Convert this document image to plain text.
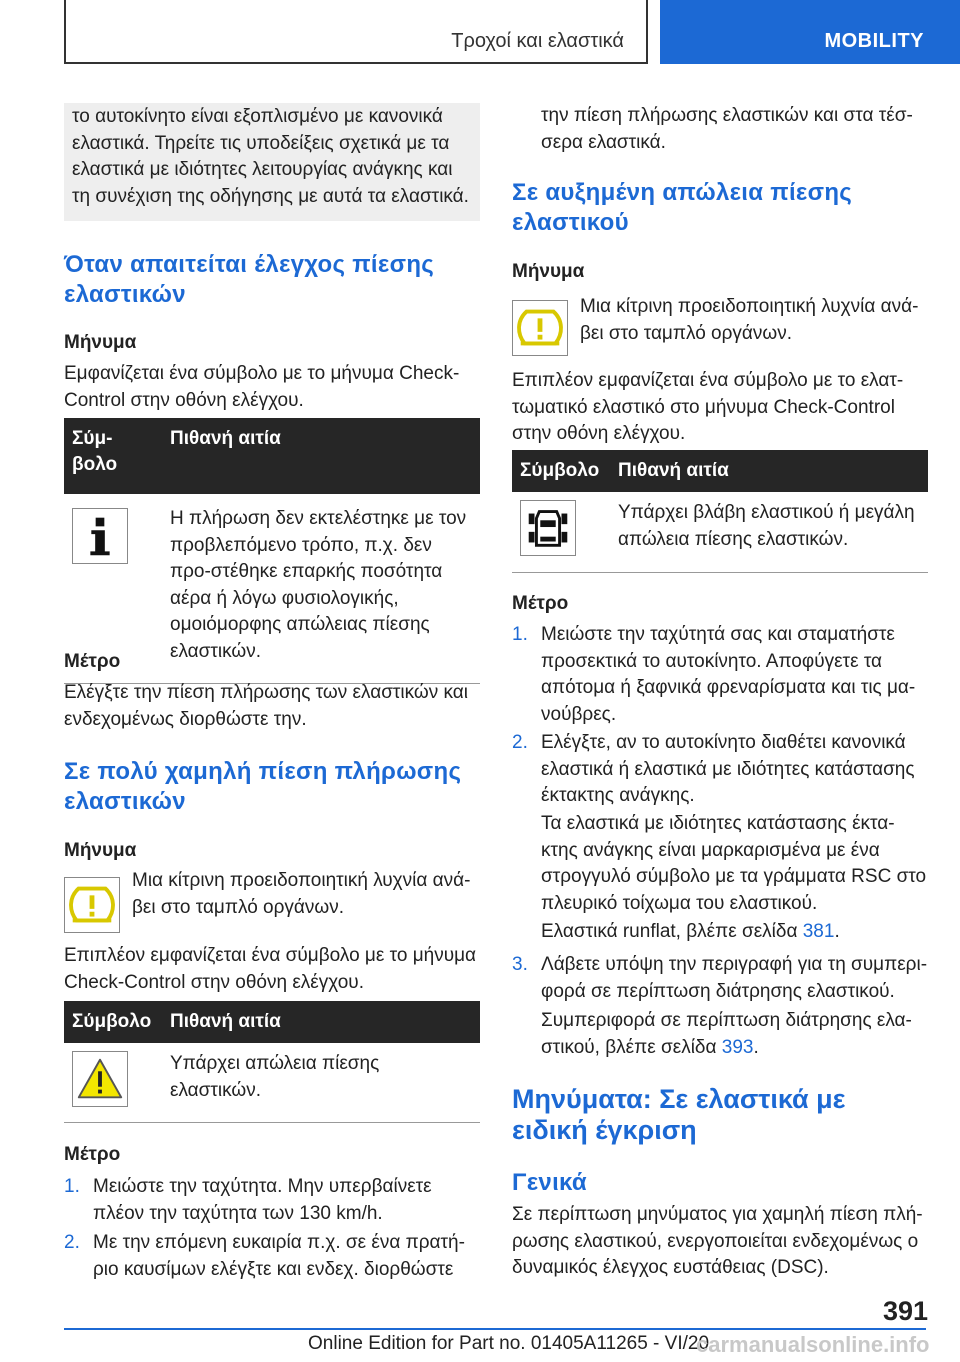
Τροχοί και ελαστικά	MOBILITY
το αυτοκίνητο είναι εξοπλισμένο με κανονικά ελαστικά. Τηρείτε τις υποδείξεις σχετικά με τα ελαστικά με ιδιότητες λειτουργίας ανάγκης και τη συνέχιση της οδήγησης με αυτά τα ελαστικά.
Όταν απαιτείται έλεγχος πίεσης ελαστικών
Μήνυμα
Εμφανίζεται ένα σύμβολο με το μήνυμα Check-Control στην οθόνη ελέγχου.
Σύμ-βολο	Πιθανή αιτία

	Η πλήρωση δεν εκτελέστηκε με τον προβλεπόμενο τρόπο, π.χ. δεν προ-στέθηκε επαρκής ποσότητα αέρα ή λόγω φυσιολογικής, ομοιόμορφης απώλειας πίεσης ελαστικών.
Μέτρο
Ελέγξτε την πίεση πλήρωσης των ελαστικών και ενδεχομένως διορθώστε την.
Σε πολύ χαμηλή πίεση πλήρωσης ελαστικών
Μήνυμα
Μια κίτρινη προειδοποιητική λυχνία ανά-βει στο ταμπλό οργάνων.
Επιπλέον εμφανίζεται ένα σύμβολο με το μήνυμα Check-Control στην οθόνη ελέγχου.
Σύμβολο	Πιθανή αιτία

	Υπάρχει απώλεια πίεσης ελαστικών.
Μέτρο
1. Μειώστε την ταχύτητα. Μην υπερβαίνετε πλέον την ταχύτητα των 130 km/h.
2. Με την επόμενη ευκαιρία π.χ. σε ένα πρατή-ριο καυσίμων ελέγξτε και ενδεχ. διορθώστε
την πίεση πλήρωσης ελαστικών και στα τέσ-σερα ελαστικά.
Σε αυξημένη απώλεια πίεσης ελαστικού
Μήνυμα
Μια κίτρινη προειδοποιητική λυχνία ανά-βει στο ταμπλό οργάνων.
Επιπλέον εμφανίζεται ένα σύμβολο με το ελατ-τωματικό ελαστικό στο μήνυμα Check-Control στην οθόνη ελέγχου.
Σύμβολο	Πιθανή αιτία

	Υπάρχει βλάβη ελαστικού ή μεγάλη απώλεια πίεσης ελαστικών.
Μέτρο
1. Μειώστε την ταχύτητά σας και σταματήστε προσεκτικά το αυτοκίνητο. Αποφύγετε τα απότομα ή ξαφνικά φρεναρίσματα και τις μα-νούβρες.
2. Ελέγξτε, αν το αυτοκίνητο διαθέτει κανονικά ελαστικά ή ελαστικά με ιδιότητες κατάστασης έκτακτης ανάγκης.
Τα ελαστικά με ιδιότητες κατάστασης έκτα-κτης ανάγκης είναι μαρκαρισμένα με ένα στρογγυλό σύμβολο με τα γράμματα RSC στο πλευρικό τοίχωμα του ελαστικού.
Ελαστικά runflat, βλέπε σελίδα 381.
3. Λάβετε υπόψη την περιγραφή για τη συμπερι-φορά σε περίπτωση διάτρησης ελαστικού.
Συμπεριφορά σε περίπτωση διάτρησης ελα-στικού, βλέπε σελίδα 393.
Μηνύματα: Σε ελαστικά με ειδική έγκριση
Γενικά
Σε περίπτωση μηνύματος για χαμηλή πίεση πλή-ρωσης ελαστικού, ενεργοποιείται ενδεχομένως ο δυναμικός έλεγχος ευστάθειας (DSC).
391
Online Edition for Part no. 01405A11265 - VI/20
carmanualsonline.info
